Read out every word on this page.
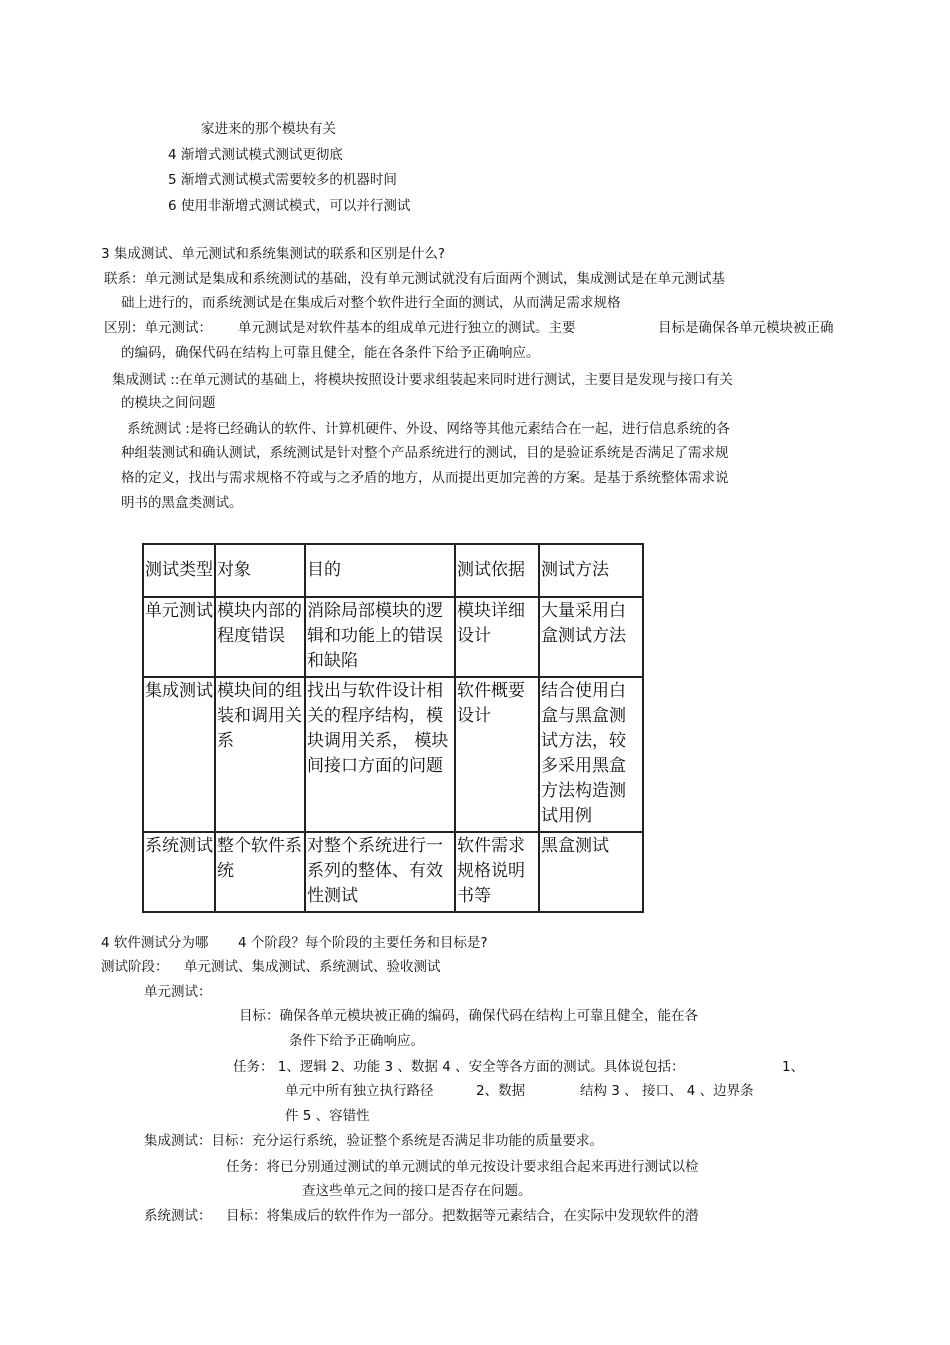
家进来的那个模块有关
4 渐增式测试模式测试更彻底
5 渐增式测试模式需要较多的机器时间
6 使用非渐增式测试模式，可以并行测试
3 集成测试、单元测试和系统集测试的联系和区别是什么?
联系：单元测试是集成和系统测试的基础，没有单元测试就没有后面两个测试，集成测试是在单元测试基
础上进行的，而系统测试是在集成后对整个软件进行全面的测试，从而满足需求规格
区别：单元测试： 单元测试是对软件基本的组成单元进行独立的测试。主要	目标是确保各单元模块被正确
的编码，确保代码在结构上可靠且健全，能在各条件下给予正确响应。
集成测试 ::在单元测试的基础上，将模块按照设计要求组装起来同时进行测试，主要目是发现与接口有关
的模块之间问题
系统测试 :是将已经确认的软件、计算机硬件、外设、网络等其他元素结合在一起，进行信息系统的各
种组装测试和确认测试，系统测试是针对整个产品系统进行的测试，目的是验证系统是否满足了需求规
格的定义，找出与需求规格不符或与之矛盾的地方，从而提出更加完善的方案。是基于系统整体需求说
明书的黑盒类测试。
测试类型	对象	目的	测试依据	测试方法
单元测试	模块内部的程度错误	消除局部模块的逻辑和功能上的错误和缺陷	模块详细设计	大量采用白盒测试方法
集成测试	模块间的组装和调用关系	找出与软件设计相关的程序结构，模块调用关系， 模块间接口方面的问题	软件概要设计	结合使用白盒与黑盒测试方法，较多采用黑盒方法构造测试用例
系统测试	整个软件系统	对整个系统进行一系列的整体、有效性测试	软件需求规格说明书等	黑盒测试
4 软件测试分为哪 4 个阶段？每个阶段的主要任务和目标是?
测试阶段： 单元测试、集成测试、系统测试、验收测试
单元测试：
目标：确保各单元模块被正确的编码，确保代码在结构上可靠且健全，能在各
条件下给予正确响应。
任务： 1、逻辑 2、功能 3 、数据 4 、安全等各方面的测试。具体说包括：	1、
单元中所有独立执行路径	2、数据	结构 3 、 接口、 4 、边界条
件 5 、容错性
集成测试：目标：充分运行系统，验证整个系统是否满足非功能的质量要求。
任务：将已分别通过测试的单元测试的单元按设计要求组合起来再进行测试以检
查这些单元之间的接口是否存在问题。
系统测试： 目标：将集成后的软件作为一部分。把数据等元素结合，在实际中发现软件的潜
